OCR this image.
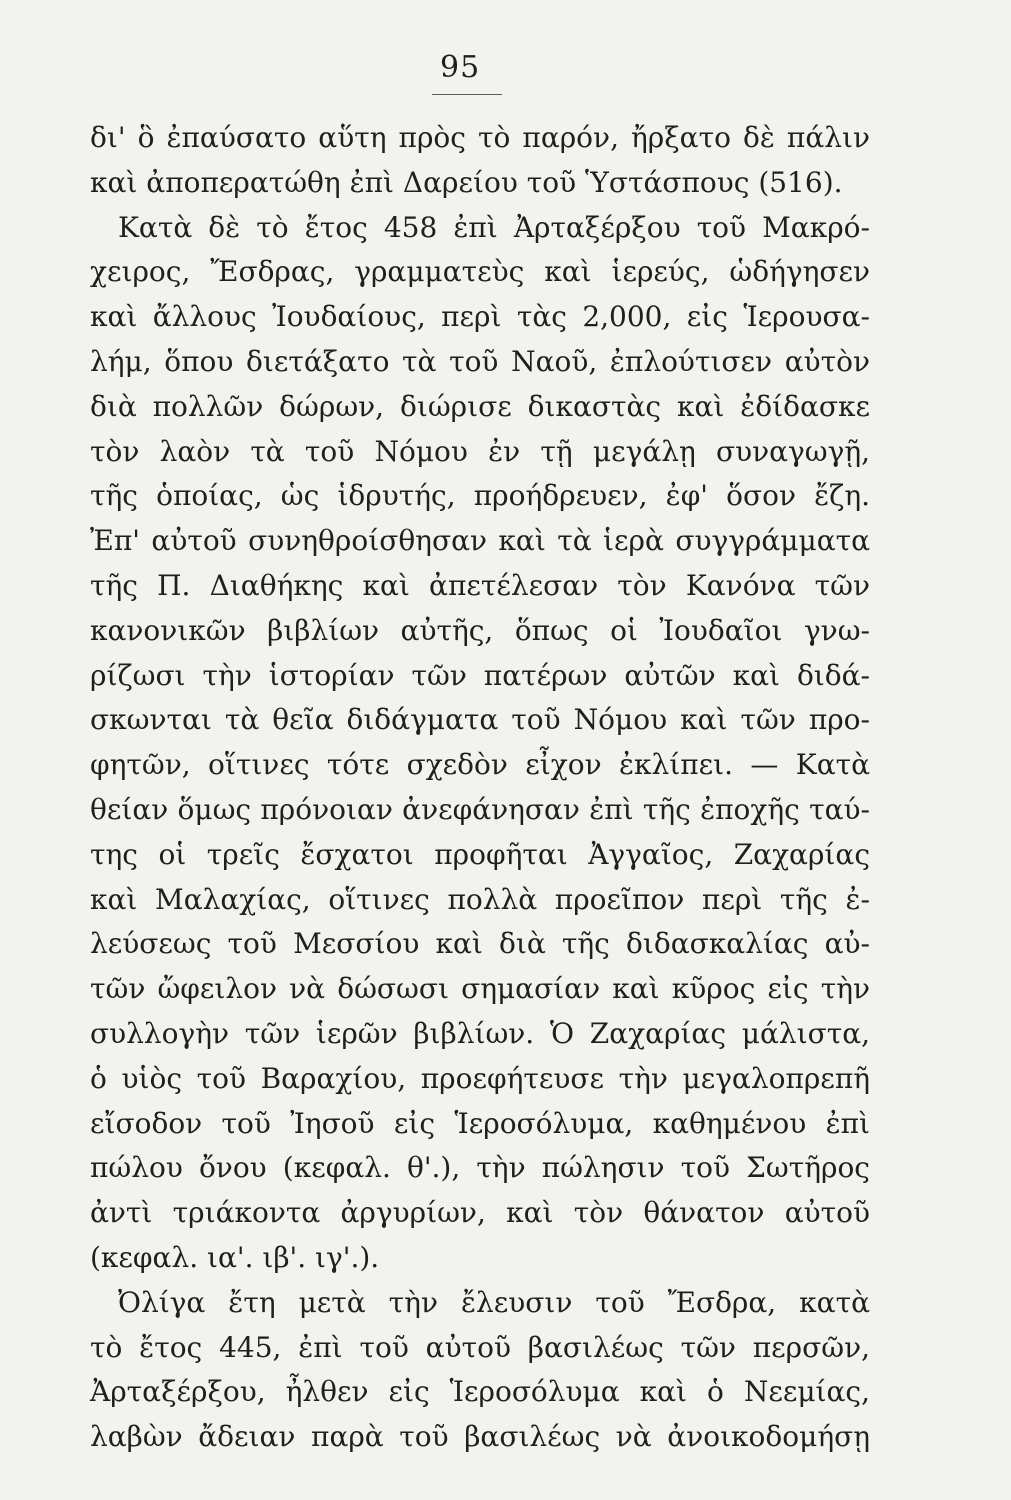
95
δι' ὃ ἐπαύσατο αὕτη πρὸς τὸ παρόν, ἤρξατο δὲ πάλιν
καὶ ἀποπερατώθη ἐπὶ Δαρείου τοῦ Ὑστάσπους (516).
Κατὰ δὲ τὸ ἔτος 458 ἐπὶ Ἀρταξέρξου τοῦ Μακρό-
χειρος, Ἔσδρας, γραμματεὺς καὶ ἱερεύς, ὡδήγησεν
καὶ ἄλλους Ἰουδαίους, περὶ τὰς 2,000, εἰς Ἱερουσα-
λήμ, ὅπου διετάξατο τὰ τοῦ Ναοῦ, ἐπλούτισεν αὐτὸν
διὰ πολλῶν δώρων, διώρισε δικαστὰς καὶ ἐδίδασκε
τὸν λαὸν τὰ τοῦ Νόμου ἐν τῇ μεγάλῃ συναγωγῇ,
τῆς ὁποίας, ὡς ἱδρυτής, προήδρευεν, ἐφ' ὅσον ἔζη.
Ἐπ' αὐτοῦ συνηθροίσθησαν καὶ τὰ ἱερὰ συγγράμματα
τῆς Π. Διαθήκης καὶ ἀπετέλεσαν τὸν Κανόνα τῶν
κανονικῶν βιβλίων αὐτῆς, ὅπως οἱ Ἰουδαῖοι γνω-
ρίζωσι τὴν ἱστορίαν τῶν πατέρων αὐτῶν καὶ διδά-
σκωνται τὰ θεῖα διδάγματα τοῦ Νόμου καὶ τῶν προ-
φητῶν, οἵτινες τότε σχεδὸν εἶχον ἐκλίπει. — Κατὰ
θείαν ὅμως πρόνοιαν ἀνεφάνησαν ἐπὶ τῆς ἐποχῆς ταύ-
της οἱ τρεῖς ἔσχατοι προφῆται Ἀγγαῖος, Ζαχαρίας
καὶ Μαλαχίας, οἵτινες πολλὰ προεῖπον περὶ τῆς ἐ-
λεύσεως τοῦ Μεσσίου καὶ διὰ τῆς διδασκαλίας αὐ-
τῶν ὤφειλον νὰ δώσωσι σημασίαν καὶ κῦρος εἰς τὴν
συλλογὴν τῶν ἱερῶν βιβλίων. Ὁ Ζαχαρίας μάλιστα,
ὁ υἱὸς τοῦ Βαραχίου, προεφήτευσε τὴν μεγαλοπρεπῆ
εἴσοδον τοῦ Ἰησοῦ εἰς Ἱεροσόλυμα, καθημένου ἐπὶ
πώλου ὄνου (κεφαλ. θ'.), τὴν πώλησιν τοῦ Σωτῆρος
ἀντὶ τριάκοντα ἀργυρίων, καὶ τὸν θάνατον αὐτοῦ
(κεφαλ. ια'. ιβ'. ιγ'.).
Ὀλίγα ἔτη μετὰ τὴν ἔλευσιν τοῦ Ἔσδρα, κατὰ
τὸ ἔτος 445, ἐπὶ τοῦ αὐτοῦ βασιλέως τῶν περσῶν,
Ἀρταξέρξου, ἦλθεν εἰς Ἱεροσόλυμα καὶ ὁ Νεεμίας,
λαβὼν ἄδειαν παρὰ τοῦ βασιλέως νὰ ἀνοικοδομήσῃ
